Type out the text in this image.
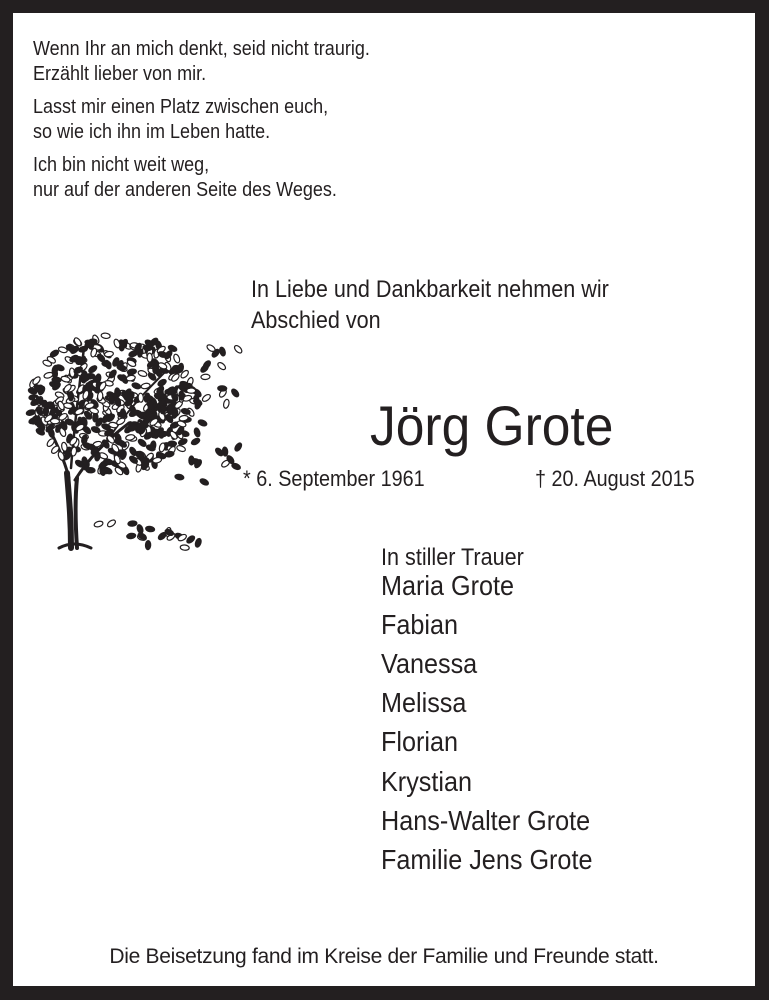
Wenn Ihr an mich denkt, seid nicht traurig.
Erzählt lieber von mir.
Lasst mir einen Platz zwischen euch,
so wie ich ihn im Leben hatte.
Ich bin nicht weit weg,
nur auf der anderen Seite des Weges.
In Liebe und Dankbarkeit nehmen wir
Abschied von
Jörg Grote
* 6. September 1961	† 20. August 2015
In stiller Trauer
Maria Grote
Fabian
Vanessa
Melissa
Florian
Krystian
Hans-Walter Grote
Familie Jens Grote
Die Beisetzung fand im Kreise der Familie und Freunde statt.
